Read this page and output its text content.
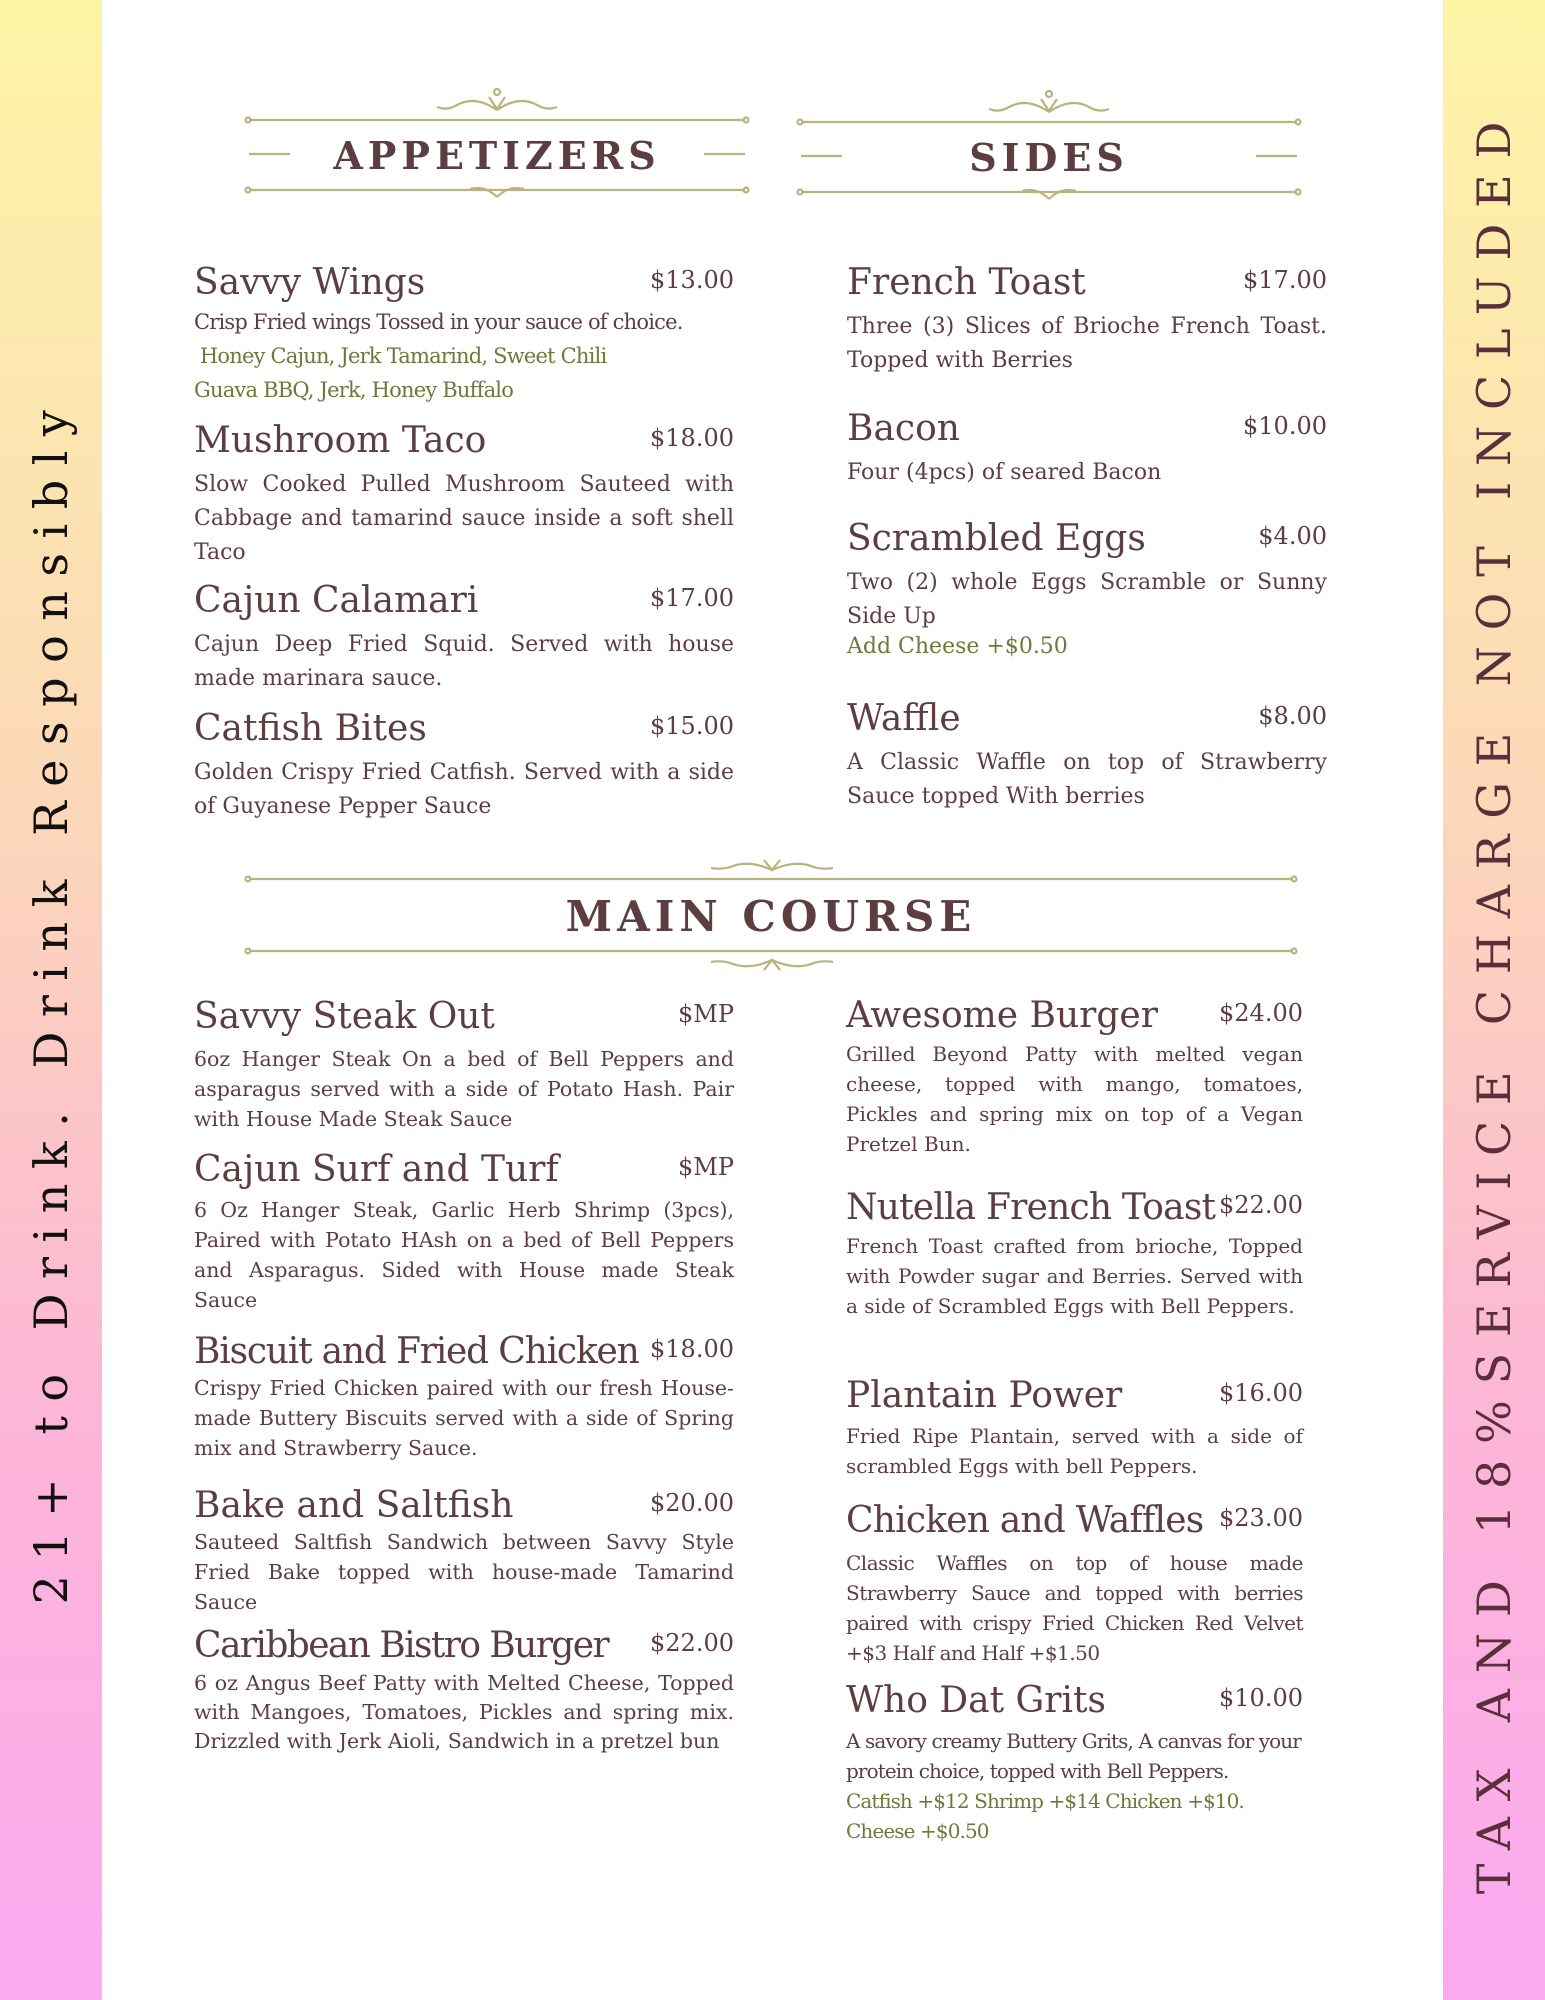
21+ to Drink. Drink Responsibly	TAX AND 18%SERVICE CHARGE NOT INCLUDED
APPETIZERS	SIDES
MAIN COURSE
Savvy Wings	$13.00

Crisp Fried wings Tossed in your sauce of choice.

Honey Cajun, Jerk Tamarind, Sweet Chili

Guava BBQ, Jerk, Honey Buffalo

Mushroom Taco	$18.00

Slow Cooked Pulled Mushroom Sauteed with Cabbage and tamarind sauce inside a soft shell Taco

Cajun Calamari	$17.00

Cajun Deep Fried Squid. Served with house made marinara sauce.

Catfish Bites	$15.00

Golden Crispy Fried Catfish. Served with a side of Guyanese Pepper Sauce

French Toast	$17.00

Three (3) Slices of Brioche French Toast. Topped with Berries

Bacon	$10.00

Four (4pcs) of seared Bacon

Scrambled Eggs	$4.00

Two (2) whole Eggs Scramble or Sunny Side Up

Add Cheese +$0.50

Waffle	$8.00

A Classic Waffle on top of Strawberry Sauce topped With berries

Savvy Steak Out	$MP

6oz Hanger Steak On a bed of Bell Peppers and asparagus served with a side of Potato Hash. Pair with House Made Steak Sauce

Cajun Surf and Turf	$MP

6 Oz Hanger Steak, Garlic Herb Shrimp (3pcs), Paired with Potato HAsh on a bed of Bell Peppers and Asparagus. Sided with House made Steak Sauce

Biscuit and Fried Chicken $18.00

Crispy Fried Chicken paired with our fresh House-made Buttery Biscuits served with a side of Spring mix and Strawberry Sauce.

Bake and Saltfish	$20.00

Sauteed Saltfish Sandwich between Savvy Style Fried Bake topped with house-made Tamarind Sauce

Caribbean Bistro Burger $22.00

6 oz Angus Beef Patty with Melted Cheese, Topped with Mangoes, Tomatoes, Pickles and spring mix. Drizzled with Jerk Aioli, Sandwich in a pretzel bun

Awesome Burger	$24.00

Grilled Beyond Patty with melted vegan cheese, topped with mango, tomatoes, Pickles and spring mix on top of a Vegan Pretzel Bun.

Nutella French Toast $22.00

French Toast crafted from brioche, Topped with Powder sugar and Berries. Served with a side of Scrambled Eggs with Bell Peppers.

Plantain Power	$16.00

Fried Ripe Plantain, served with a side of scrambled Eggs with bell Peppers.

Chicken and Waffles $23.00

Classic Waffles on top of house made Strawberry Sauce and topped with berries paired with crispy Fried Chicken Red Velvet +$3 Half and Half +$1.50

Who Dat Grits	$10.00

A savory creamy Buttery Grits, A canvas for your protein choice, topped with Bell Peppers.

Catfish +$12 Shrimp +$14 Chicken +$10. Cheese +$0.50
